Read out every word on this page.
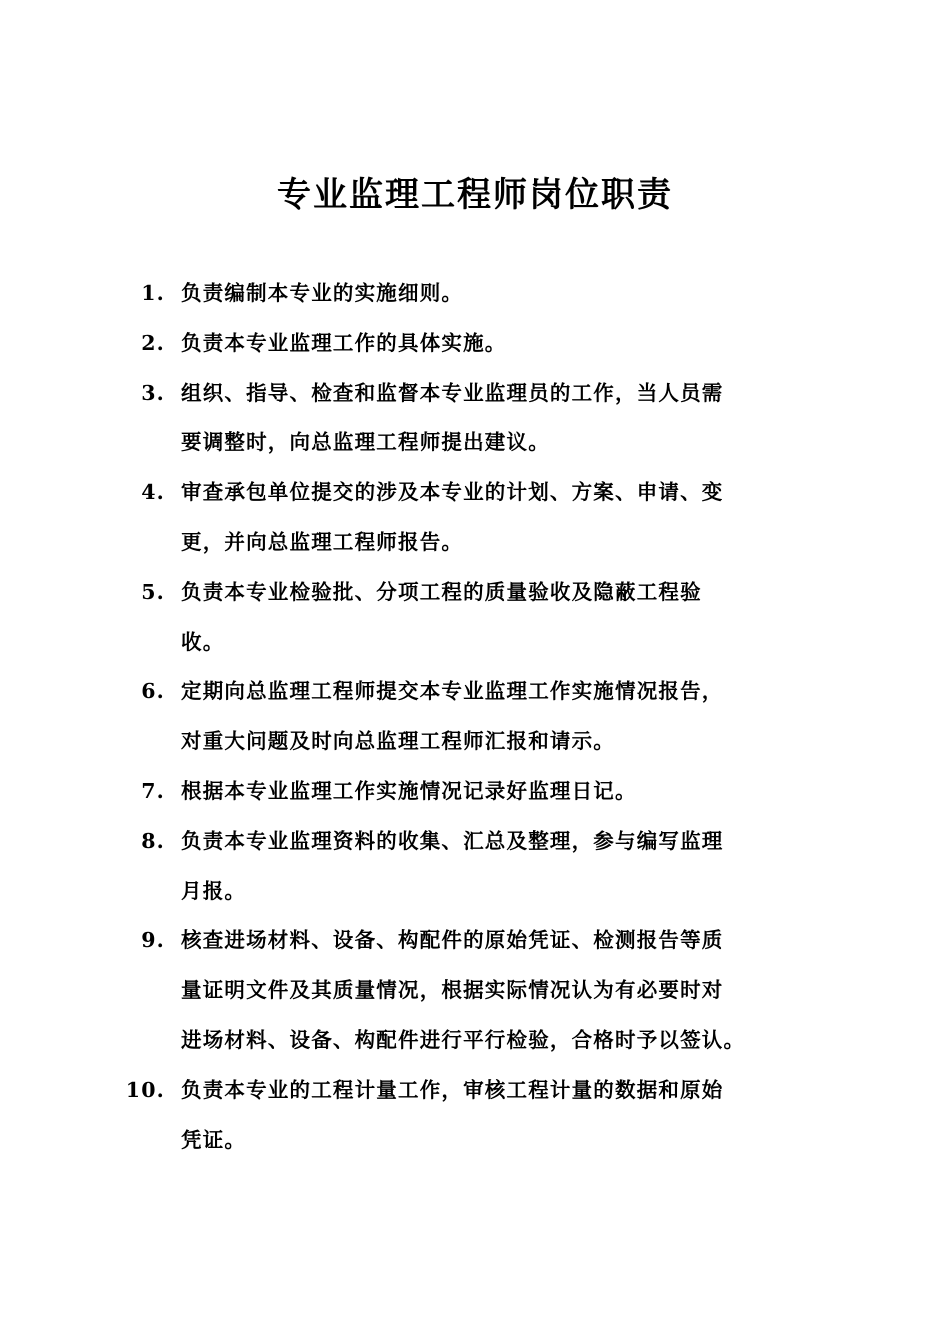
专业监理工程师岗位职责
1. 负责编制本专业的实施细则。
2. 负责本专业监理工作的具体实施。
3. 组织、指导、检查和监督本专业监理员的工作，当人员需
要调整时，向总监理工程师提出建议。
4. 审查承包单位提交的涉及本专业的计划、方案、申请、变
更，并向总监理工程师报告。
5. 负责本专业检验批、分项工程的质量验收及隐蔽工程验
收。
6. 定期向总监理工程师提交本专业监理工作实施情况报告，
对重大问题及时向总监理工程师汇报和请示。
7. 根据本专业监理工作实施情况记录好监理日记。
8. 负责本专业监理资料的收集、汇总及整理，参与编写监理
月报。
9. 核查进场材料、设备、构配件的原始凭证、检测报告等质
量证明文件及其质量情况，根据实际情况认为有必要时对
进场材料、设备、构配件进行平行检验，合格时予以签认。
10. 负责本专业的工程计量工作，审核工程计量的数据和原始
凭证。
